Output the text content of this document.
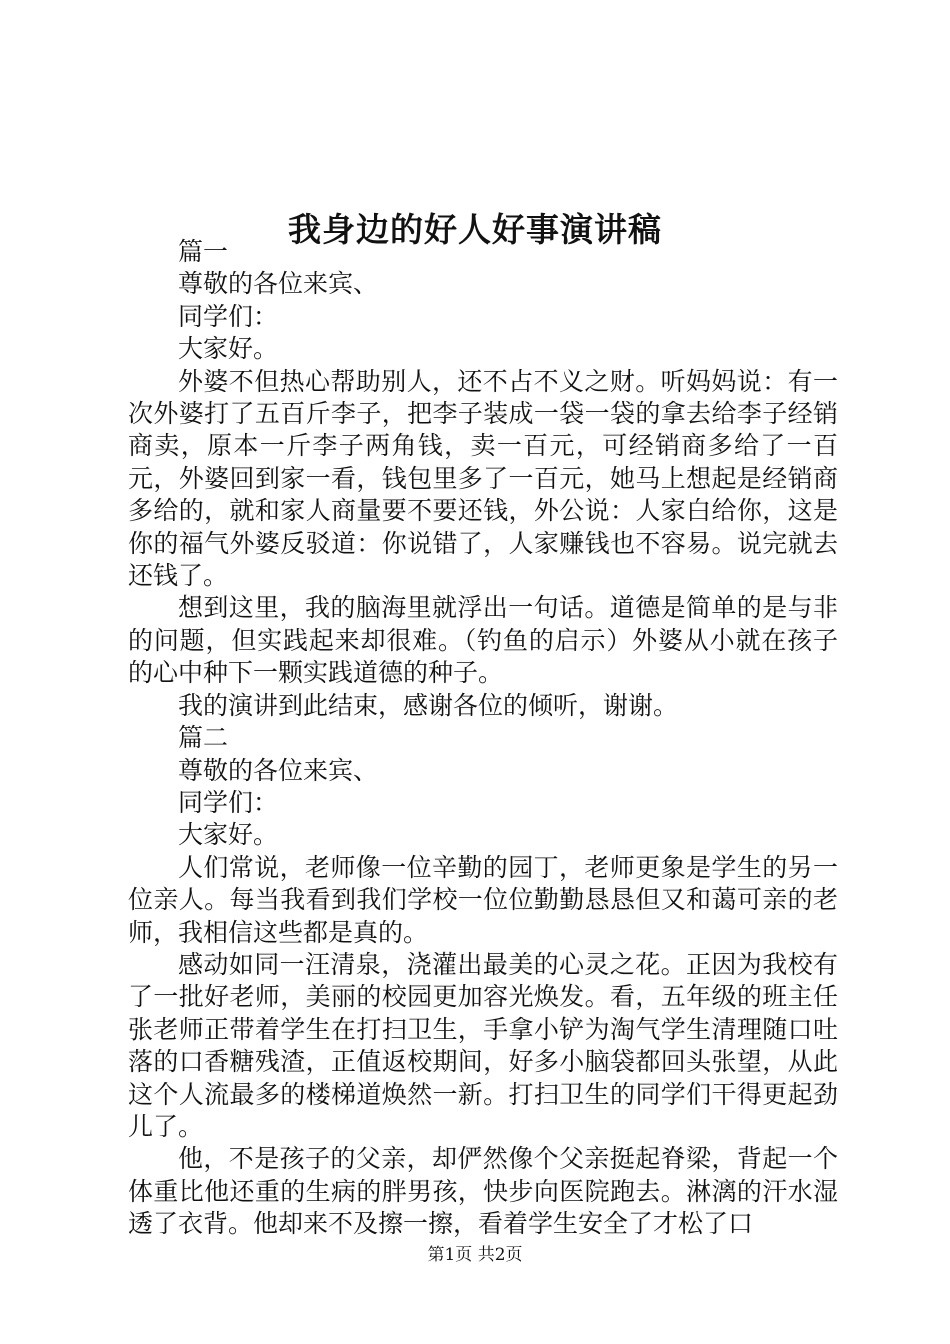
我身边的好人好事演讲稿

篇一

尊敬的各位来宾、

同学们：

大家好。

外婆不但热心帮助别人，还不占不义之财。听妈妈说：有一次外婆打了五百斤李子，把李子装成一袋一袋的拿去给李子经销商卖，原本一斤李子两角钱，卖一百元，可经销商多给了一百元，外婆回到家一看，钱包里多了一百元，她马上想起是经销商多给的，就和家人商量要不要还钱，外公说：人家白给你，这是你的福气外婆反驳道：你说错了，人家赚钱也不容易。说完就去还钱了。

想到这里，我的脑海里就浮出一句话。道德是简单的是与非的问题，但实践起来却很难。（钓鱼的启示）外婆从小就在孩子的心中种下一颗实践道德的种子。

我的演讲到此结束，感谢各位的倾听，谢谢。

篇二

尊敬的各位来宾、

同学们：

大家好。

人们常说，老师像一位辛勤的园丁，老师更象是学生的另一位亲人。每当我看到我们学校一位位勤勤恳恳但又和蔼可亲的老师，我相信这些都是真的。

感动如同一汪清泉，浇灌出最美的心灵之花。正因为我校有了一批好老师，美丽的校园更加容光焕发。看，五年级的班主任张老师正带着学生在打扫卫生，手拿小铲为淘气学生清理随口吐落的口香糖残渣，正值返校期间，好多小脑袋都回头张望，从此这个人流最多的楼梯道焕然一新。打扫卫生的同学们干得更起劲儿了。

他，不是孩子的父亲，却俨然像个父亲挺起脊梁，背起一个体重比他还重的生病的胖男孩，快步向医院跑去。淋漓的汗水湿透了衣背。他却来不及擦一擦，看着学生安全了才松了口

第1页 共2页
